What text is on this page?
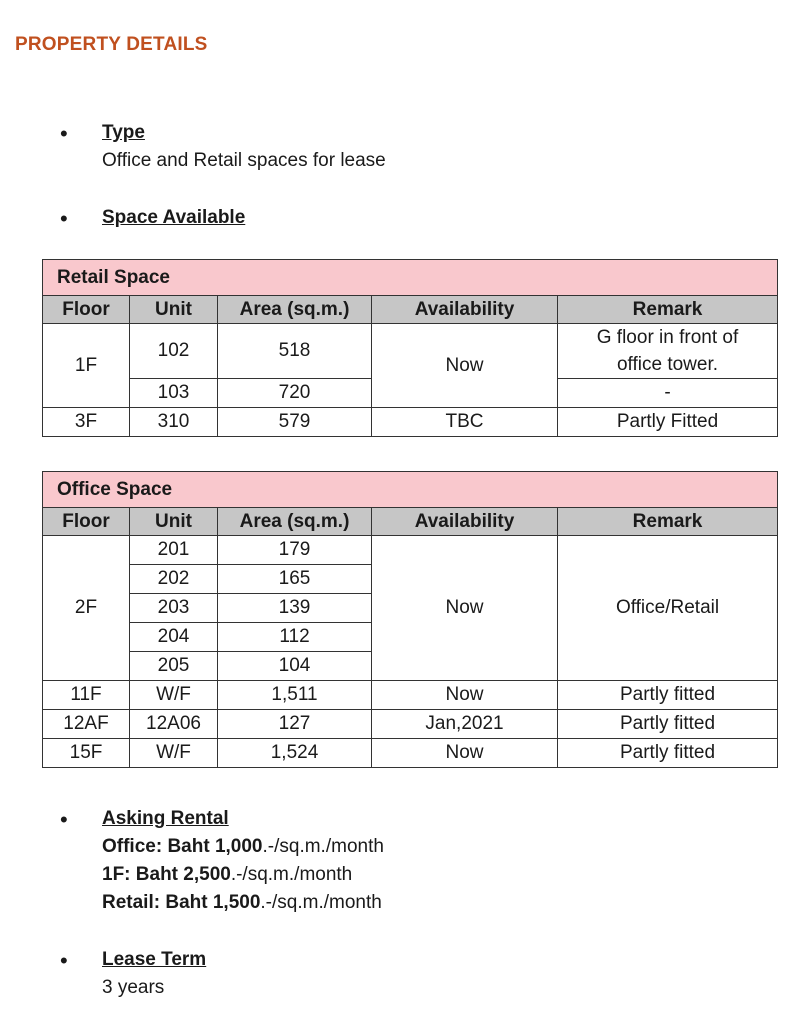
PROPERTY DETAILS
• Type
Office and Retail spaces for lease
• Space Available
Retail Space				
Floor	Unit	Area (sq.m.)	Availability	Remark
1F	102	518	Now	G floor in front of
office tower.

	103	720		-
3F	310	579	TBC	Partly Fitted
Office Space				
Floor	Unit	Area (sq.m.)	Availability	Remark
2F	201	179	Now	Office/Retail
	202	165		
	203	139		
	204	112		
	205	104		
11F	W/F	1,511	Now	Partly fitted
12AF	12A06	127	Jan,2021	Partly fitted
15F	W/F	1,524	Now	Partly fitted
• Asking Rental
Office: Baht 1,000.-/sq.m./month
1F: Baht 2,500.-/sq.m./month
Retail: Baht 1,500.-/sq.m./month
• Lease Term
3 years
